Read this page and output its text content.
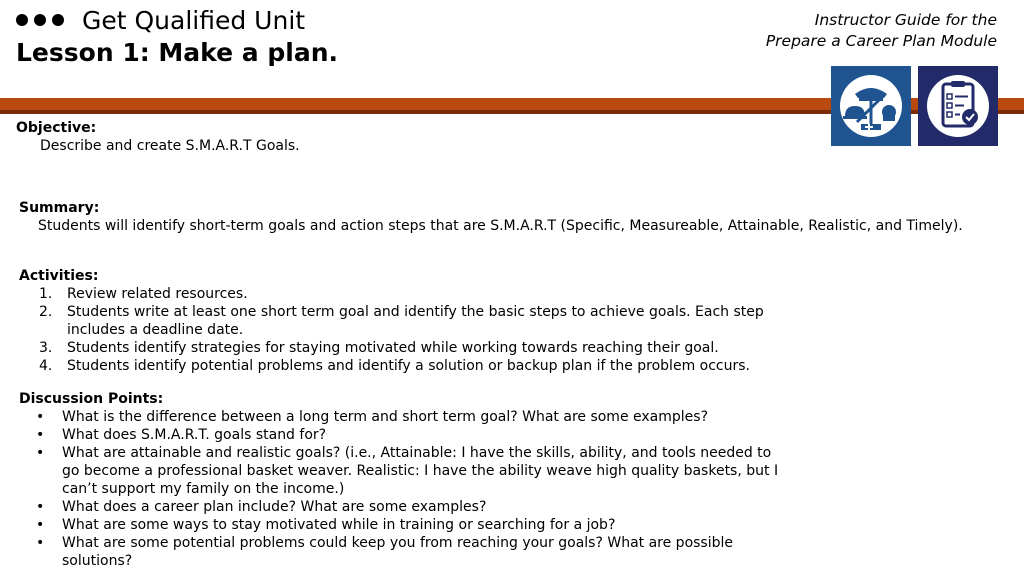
Get Qualified Unit
Lesson 1: Make a plan.
Instructor Guide for the
Prepare a Career Plan Module
Objective:
Describe and create S.M.A.R.T Goals.
Summary:
Students will identify short-term goals and action steps that are S.M.A.R.T (Specific, Measureable, Attainable, Realistic, and Timely).
Activities:
1. Review related resources.
2. Students write at least one short term goal and identify the basic steps to achieve goals. Each step
includes a deadline date.
3. Students identify strategies for staying motivated while working towards reaching their goal.
4. Students identify potential problems and identify a solution or backup plan if the problem occurs.
Discussion Points:
• What is the difference between a long term and short term goal? What are some examples?
• What does S.M.A.R.T. goals stand for?
• What are attainable and realistic goals? (i.e., Attainable: I have the skills, ability, and tools needed to
go become a professional basket weaver. Realistic: I have the ability weave high quality baskets, but I
can’t support my family on the income.)
• What does a career plan include? What are some examples?
• What are some ways to stay motivated while in training or searching for a job?
• What are some potential problems could keep you from reaching your goals? What are possible
solutions?
